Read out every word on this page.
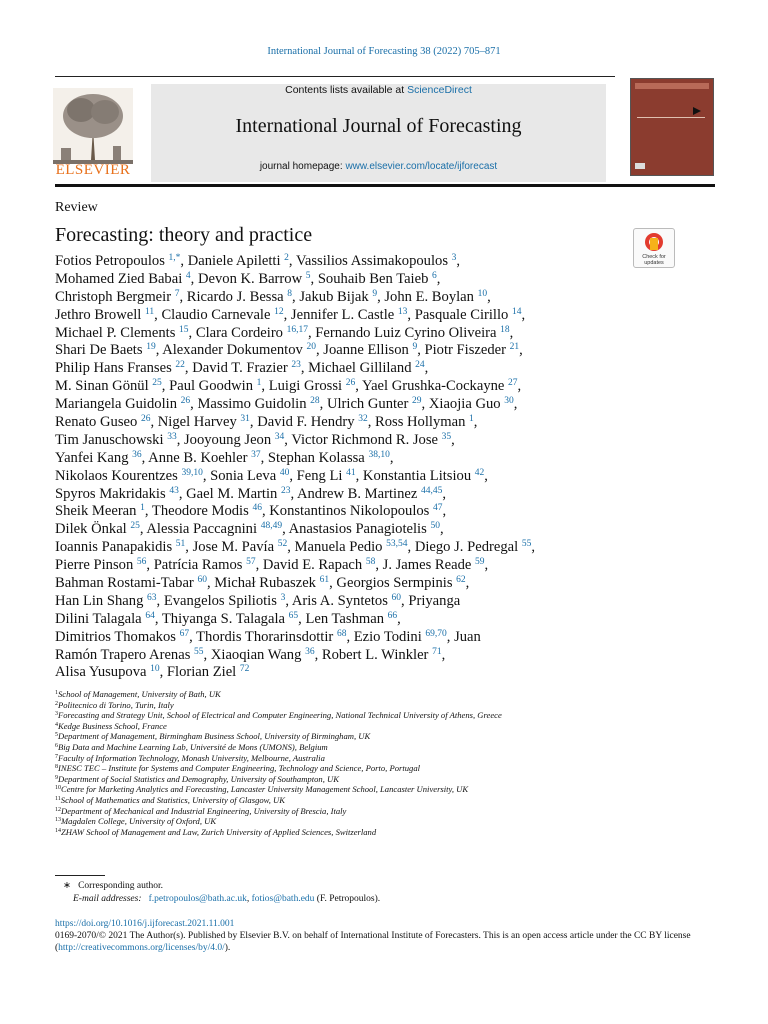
International Journal of Forecasting 38 (2022) 705–871
ELSEVIER
Contents lists available at ScienceDirect
International Journal of Forecasting
journal homepage: www.elsevier.com/locate/ijforecast
Review
Forecasting: theory and practice
Check for
updates
Fotios Petropoulos $^{1,*}$, Daniele Apiletti $^2$, Vassilios Assimakopoulos $^3$,
Mohamed Zied Babai $^4$, Devon K. Barrow $^5$, Souhaib Ben Taieb $^6$,
Christoph Bergmeir $^7$, Ricardo J. Bessa $^8$, Jakub Bijak $^9$, John E. Boylan $^{10}$,
Jethro Browell $^{11}$, Claudio Carnevale $^{12}$, Jennifer L. Castle $^{13}$, Pasquale Cirillo $^{14}$,
Michael P. Clements $^{15}$, Clara Cordeiro $^{16,17}$, Fernando Luiz Cyrino Oliveira $^{18}$,
Shari De Baets $^{19}$, Alexander Dokumentov $^{20}$, Joanne Ellison $^9$, Piotr Fiszeder $^{21}$,
Philip Hans Franses $^{22}$, David T. Frazier $^{23}$, Michael Gilliland $^{24}$,
M. Sinan Gönül $^{25}$, Paul Goodwin $^1$, Luigi Grossi $^{26}$, Yael Grushka-Cockayne $^{27}$,
Mariangela Guidolin $^{26}$, Massimo Guidolin $^{28}$, Ulrich Gunter $^{29}$, Xiaojia Guo $^{30}$,
Renato Guseo $^{26}$, Nigel Harvey $^{31}$, David F. Hendry $^{32}$, Ross Hollyman $^1$,
Tim Januschowski $^{33}$, Jooyoung Jeon $^{34}$, Victor Richmond R. Jose $^{35}$,
Yanfei Kang $^{36}$, Anne B. Koehler $^{37}$, Stephan Kolassa $^{38,10}$,
Nikolaos Kourentzes $^{39,10}$, Sonia Leva $^{40}$, Feng Li $^{41}$, Konstantia Litsiou $^{42}$,
Spyros Makridakis $^{43}$, Gael M. Martin $^{23}$, Andrew B. Martinez $^{44,45}$,
Sheik Meeran $^1$, Theodore Modis $^{46}$, Konstantinos Nikolopoulos $^{47}$,
Dilek Önkal $^{25}$, Alessia Paccagnini $^{48,49}$, Anastasios Panagiotelis $^{50}$,
Ioannis Panapakidis $^{51}$, Jose M. Pavía $^{52}$, Manuela Pedio $^{53,54}$, Diego J. Pedregal $^{55}$,
Pierre Pinson $^{56}$, Patrícia Ramos $^{57}$, David E. Rapach $^{58}$, J. James Reade $^{59}$,
Bahman Rostami-Tabar $^{60}$, Michał Rubaszek $^{61}$, Georgios Sermpinis $^{62}$,
Han Lin Shang $^{63}$, Evangelos Spiliotis $^3$, Aris A. Syntetos $^{60}$, Priyanga
Dilini Talagala $^{64}$, Thiyanga S. Talagala $^{65}$, Len Tashman $^{66}$,
Dimitrios Thomakos $^{67}$, Thordis Thorarinsdottir $^{68}$, Ezio Todini $^{69,70}$, Juan
Ramón Trapero Arenas $^{55}$, Xiaoqian Wang $^{36}$, Robert L. Winkler $^{71}$,
Alisa Yusupova $^{10}$, Florian Ziel $^{72}$
$^1$School of Management, University of Bath, UK
$^2$Politecnico di Torino, Turin, Italy
$^3$Forecasting and Strategy Unit, School of Electrical and Computer Engineering, National Technical University of Athens, Greece
$^4$Kedge Business School, France
$^5$Department of Management, Birmingham Business School, University of Birmingham, UK
$^6$Big Data and Machine Learning Lab, Université de Mons (UMONS), Belgium
$^7$Faculty of Information Technology, Monash University, Melbourne, Australia
$^8$INESC TEC – Institute for Systems and Computer Engineering, Technology and Science, Porto, Portugal
$^9$Department of Social Statistics and Demography, University of Southampton, UK
$^{10}$Centre for Marketing Analytics and Forecasting, Lancaster University Management School, Lancaster University, UK
$^{11}$School of Mathematics and Statistics, University of Glasgow, UK
$^{12}$Department of Mechanical and Industrial Engineering, University of Brescia, Italy
$^{13}$Magdalen College, University of Oxford, UK
$^{14}$ZHAW School of Management and Law, Zurich University of Applied Sciences, Switzerland
∗ Corresponding author.
E-mail addresses: f.petropoulos@bath.ac.uk, fotios@bath.edu (F. Petropoulos).
https://doi.org/10.1016/j.ijforecast.2021.11.001
0169-2070/© 2021 The Author(s). Published by Elsevier B.V. on behalf of International Institute of Forecasters. This is an open access article under the CC BY license (http://creativecommons.org/licenses/by/4.0/).
